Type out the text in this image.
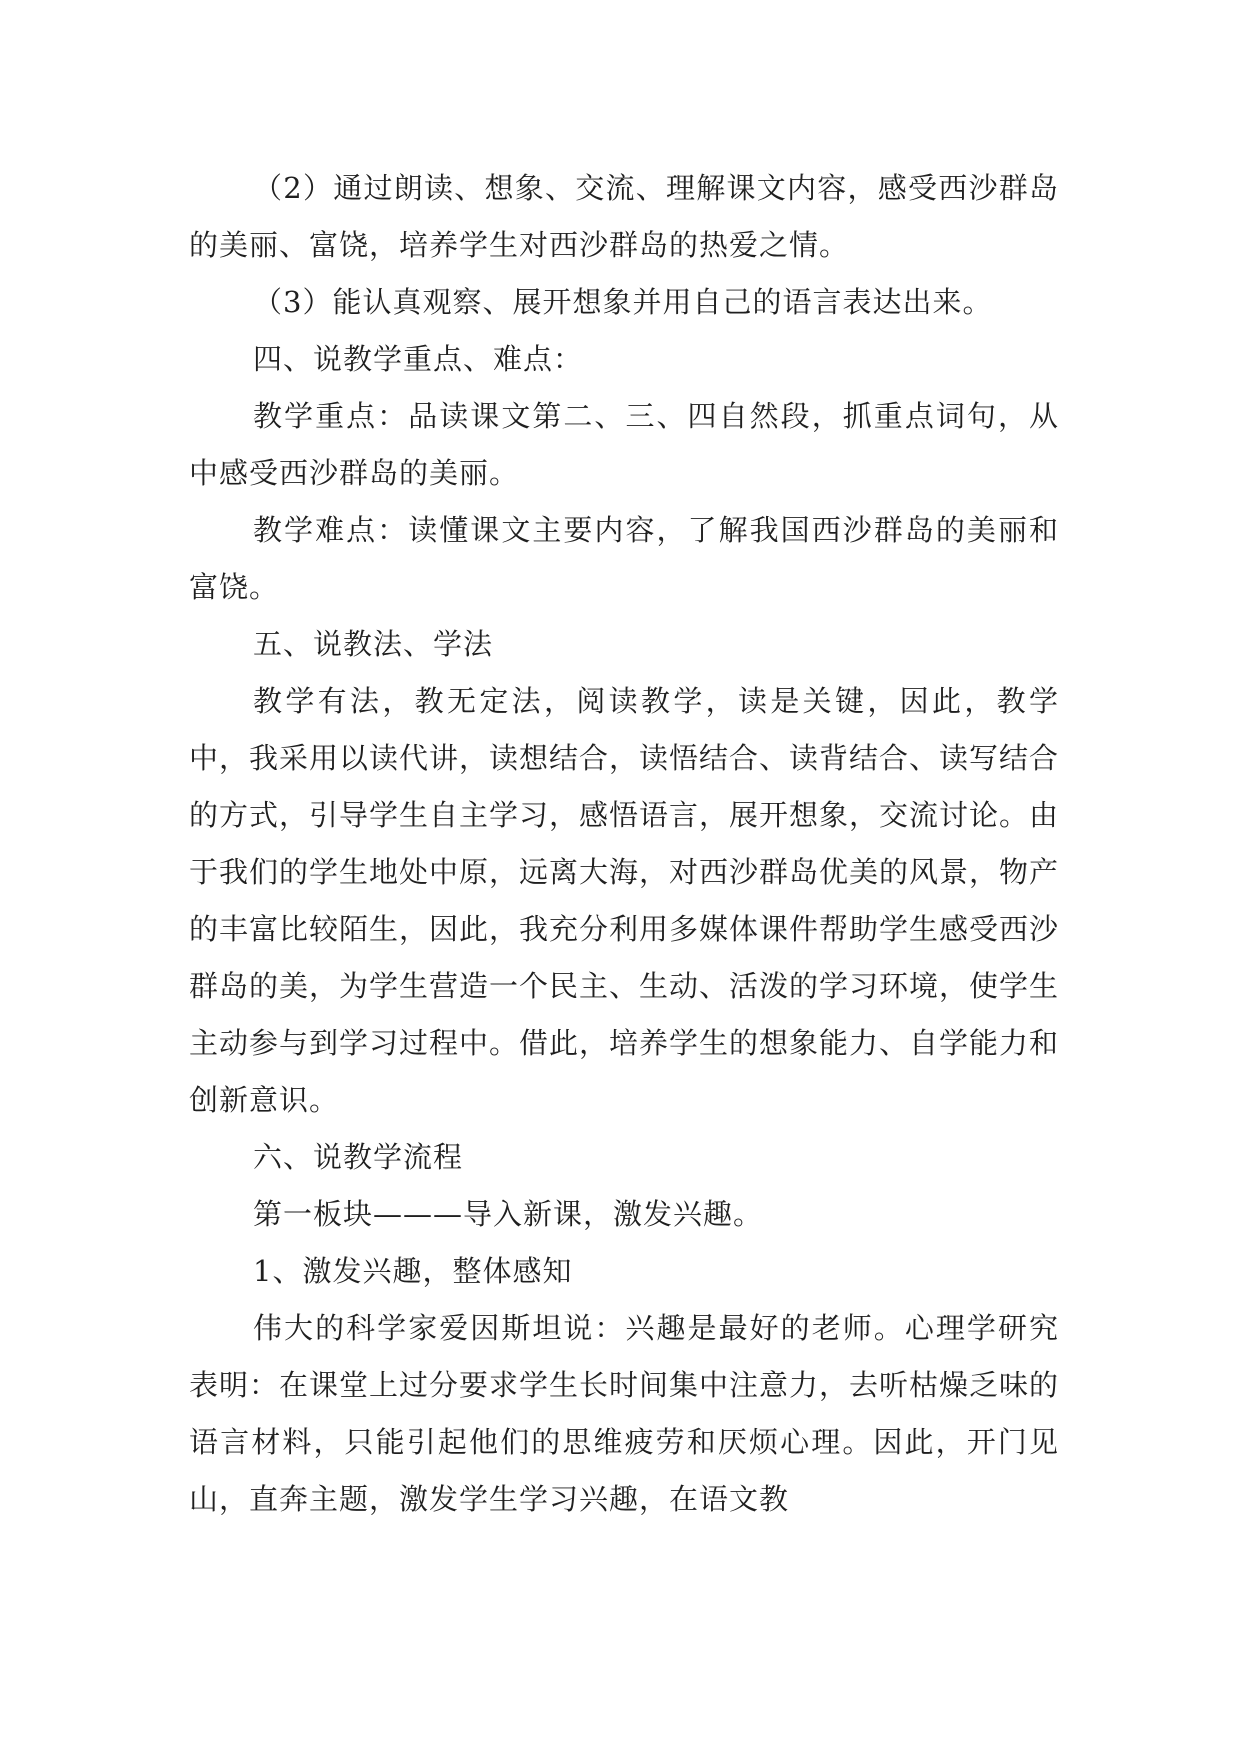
（2）通过朗读、想象、交流、理解课文内容，感受西沙群岛的美丽、富饶，培养学生对西沙群岛的热爱之情。

（3）能认真观察、展开想象并用自己的语言表达出来。

四、说教学重点、难点：

教学重点：品读课文第二、三、四自然段，抓重点词句，从中感受西沙群岛的美丽。

教学难点：读懂课文主要内容，了解我国西沙群岛的美丽和富饶。

五、说教法、学法

教学有法，教无定法，阅读教学，读是关键，因此，教学中，我采用以读代讲，读想结合，读悟结合、读背结合、读写结合的方式，引导学生自主学习，感悟语言，展开想象，交流讨论。由于我们的学生地处中原，远离大海，对西沙群岛优美的风景，物产的丰富比较陌生，因此，我充分利用多媒体课件帮助学生感受西沙群岛的美，为学生营造一个民主、生动、活泼的学习环境，使学生主动参与到学习过程中。借此，培养学生的想象能力、自学能力和创新意识。

六、说教学流程

第一板块———导入新课，激发兴趣。

1、激发兴趣，整体感知

伟大的科学家爱因斯坦说：兴趣是最好的老师。心理学研究表明：在课堂上过分要求学生长时间集中注意力，去听枯燥乏味的语言材料，只能引起他们的思维疲劳和厌烦心理。因此，开门见山，直奔主题，激发学生学习兴趣，在语文教
